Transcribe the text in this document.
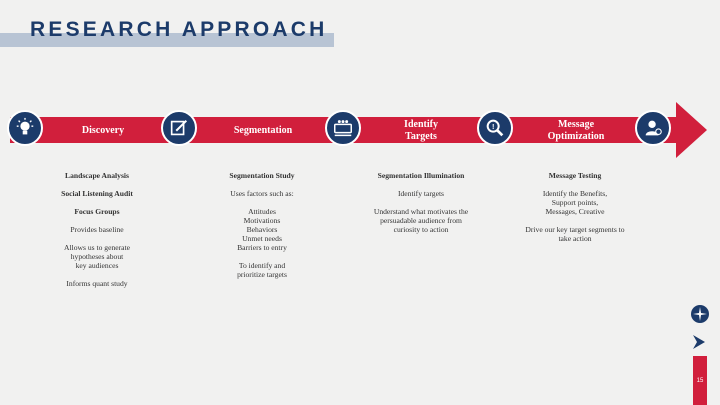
RESEARCH APPROACH
!
Discovery	Segmentation
Identify
Targets
Message
Optimization
Landscape Analysis
Social Listening Audit
Focus Groups
Provides baseline
Allows us to generate
hypotheses about
key audiences
Informs quant study
Segmentation Study
Uses factors such as:
Attitudes
Motivations
Behaviors
Unmet needs
Barriers to entry
To identify and
prioritize targets
Segmentation Illumination
Identify targets
Understand what motivates the
persuadable audience from
curiosity to action
Message Testing
Identify the Benefits,
Support points,
Messages, Creative
Drive our key target segments to
take action
15
